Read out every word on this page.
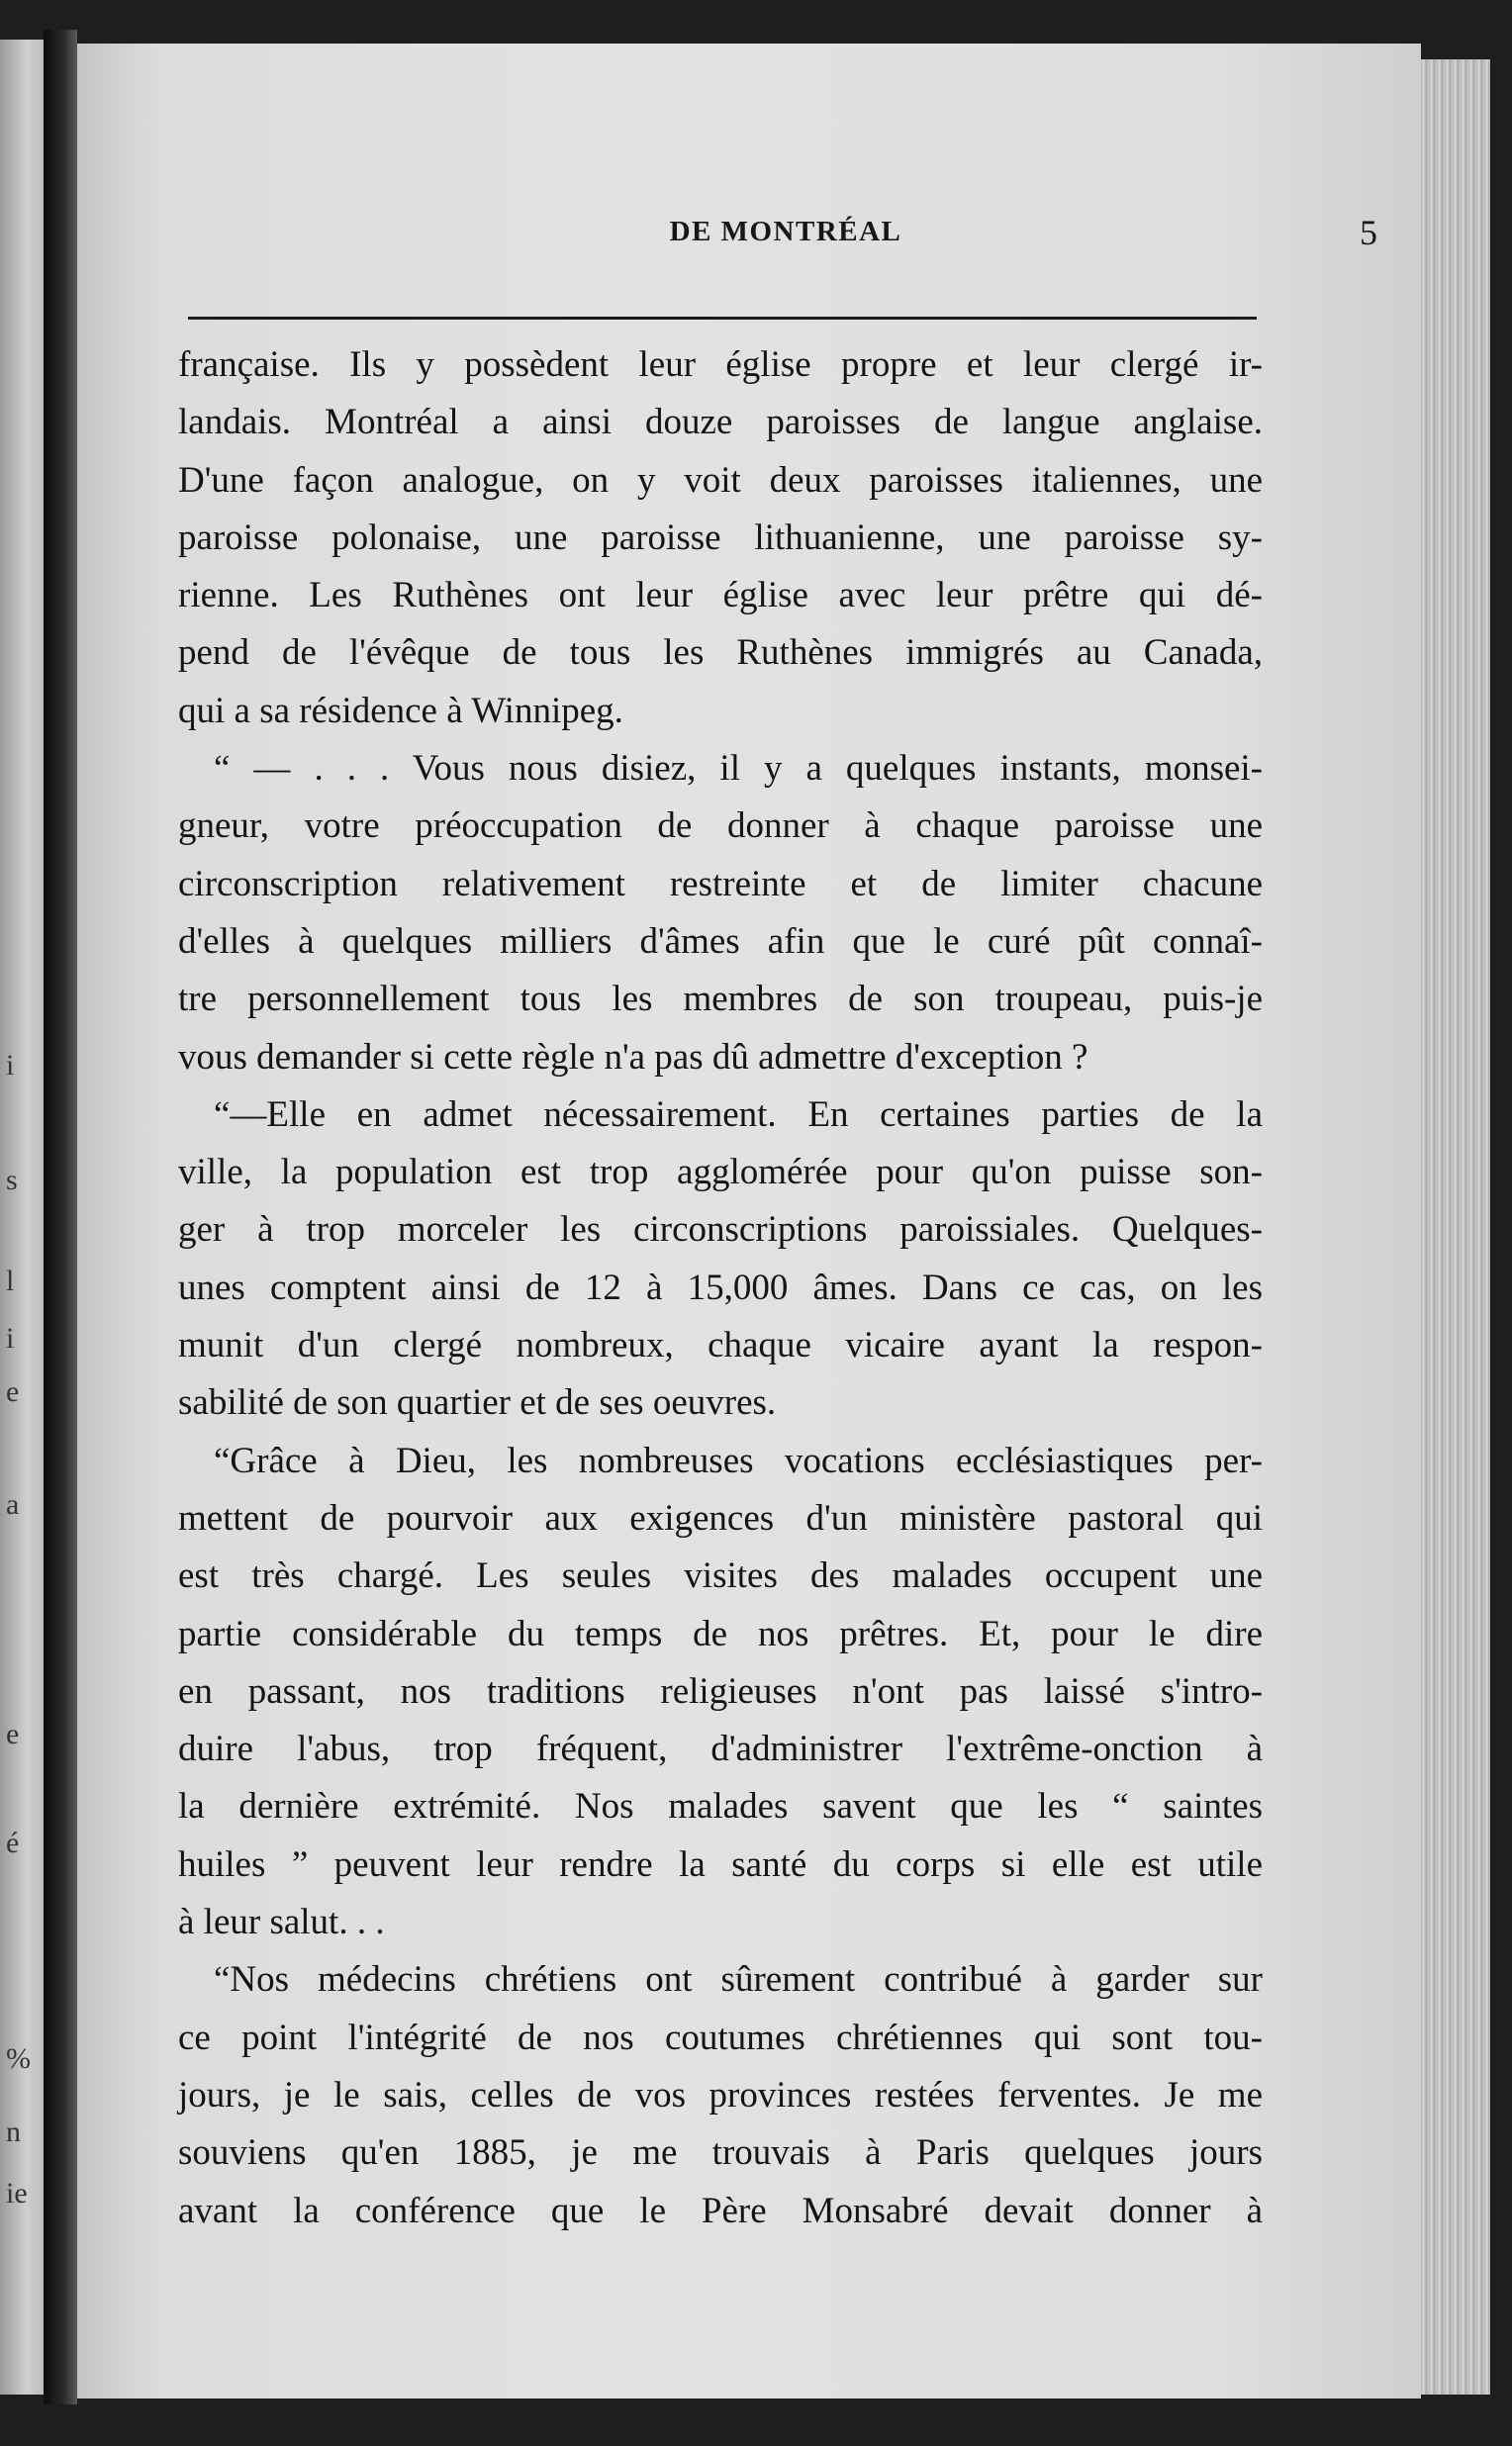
i
s
l
i
e
a
e
é
%
n
ie
DE MONTRÉAL	5
française. Ils y possèdent leur église propre et leur clergé ir-
landais. Montréal a ainsi douze paroisses de langue anglaise.
D'une façon analogue, on y voit deux paroisses italiennes, une
paroisse polonaise, une paroisse lithuanienne, une paroisse sy-
rienne. Les Ruthènes ont leur église avec leur prêtre qui dé-
pend de l'évêque de tous les Ruthènes immigrés au Canada,
qui a sa résidence à Winnipeg.
“ — . . . Vous nous disiez, il y a quelques instants, monsei-
gneur, votre préoccupation de donner à chaque paroisse une
circonscription relativement restreinte et de limiter chacune
d'elles à quelques milliers d'âmes afin que le curé pût connaî-
tre personnellement tous les membres de son troupeau, puis-je
vous demander si cette règle n'a pas dû admettre d'exception ?
“—Elle en admet nécessairement. En certaines parties de la
ville, la population est trop agglomérée pour qu'on puisse son-
ger à trop morceler les circonscriptions paroissiales. Quelques-
unes comptent ainsi de 12 à 15,000 âmes. Dans ce cas, on les
munit d'un clergé nombreux, chaque vicaire ayant la respon-
sabilité de son quartier et de ses oeuvres.
“Grâce à Dieu, les nombreuses vocations ecclésiastiques per-
mettent de pourvoir aux exigences d'un ministère pastoral qui
est très chargé. Les seules visites des malades occupent une
partie considérable du temps de nos prêtres. Et, pour le dire
en passant, nos traditions religieuses n'ont pas laissé s'intro-
duire l'abus, trop fréquent, d'administrer l'extrême-onction à
la dernière extrémité. Nos malades savent que les “ saintes
huiles ” peuvent leur rendre la santé du corps si elle est utile
à leur salut. . .
“Nos médecins chrétiens ont sûrement contribué à garder sur
ce point l'intégrité de nos coutumes chrétiennes qui sont tou-
jours, je le sais, celles de vos provinces restées ferventes. Je me
souviens qu'en 1885, je me trouvais à Paris quelques jours
avant la conférence que le Père Monsabré devait donner à
